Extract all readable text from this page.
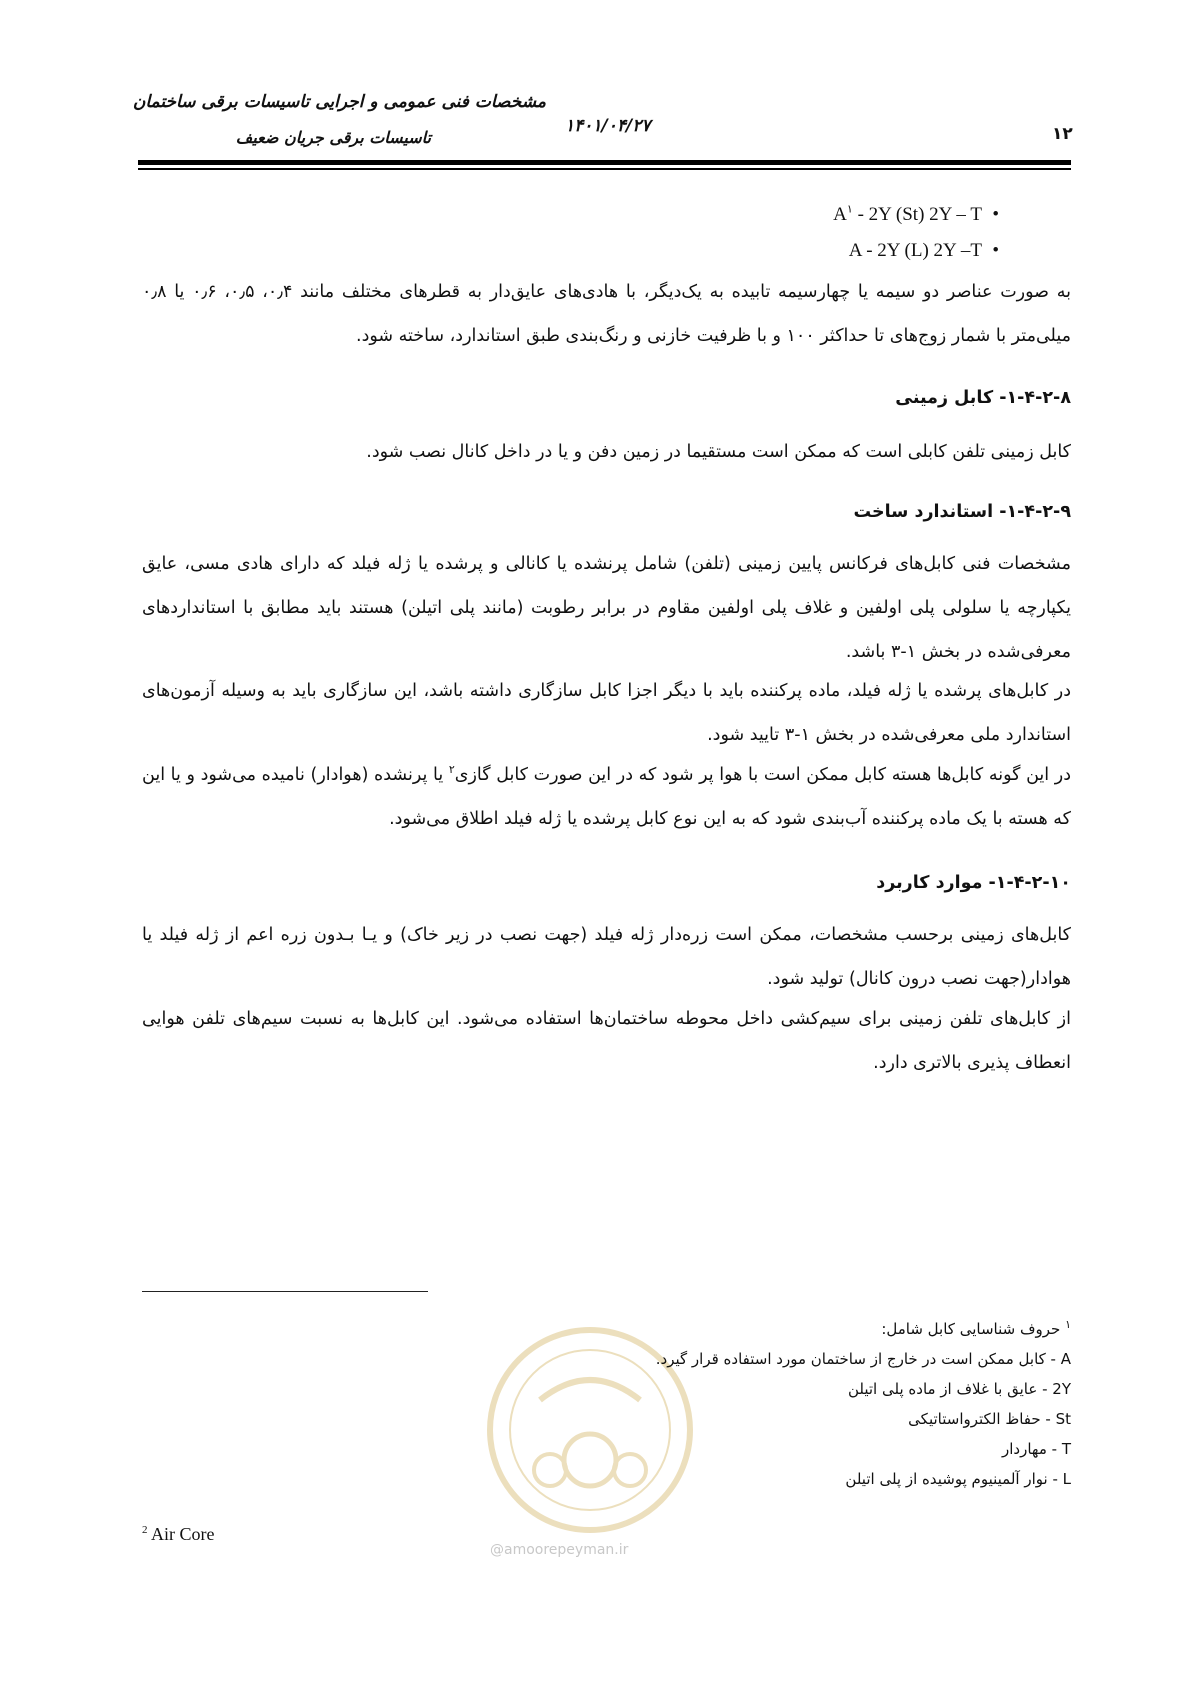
مشخصات فنی عمومی و اجرایی تاسیسات برقی ساختمان
تاسیسات برقی جریان ضعیف
۱۴۰۱/۰۴/۲۷	۱۲
$A^۱ - 2Y$ (St) 2Y – T •
A - 2Y (L) 2Y –T •
به صورت عناصر دو سیمه یا چهارسیمه تابیده به یک‌دیگر، با هادی‌های عایق‌دار به قطرهای مختلف مانند ۰٫۴، ۰٫۵، ۰٫۶ یا ۰٫۸ میلی‌متر با شمار زوج‌های تا حداکثر ۱۰۰ و با ظرفیت خازنی و رنگ‌بندی طبق استاندارد، ساخته شود.
۱-۴-۲-۸- کابل زمینی
کابل زمینی تلفن کابلی است که ممکن است مستقیما در زمین دفن و یا در داخل کانال نصب شود.
۱-۴-۲-۹- استاندارد ساخت
مشخصات فنی کابل‌های فرکانس پایین زمینی (تلفن) شامل پرنشده یا کانالی و پرشده یا ژله فیلد که دارای هادی مسی، عایق یکپارچه یا سلولی پلی اولفین و غلاف پلی اولفین مقاوم در برابر رطوبت (مانند پلی اتیلن) هستند باید مطابق با استانداردهای معرفی‌شده در بخش ۱-۳ باشد.
در کابل‌های پرشده یا ژله فیلد، ماده پرکننده باید با دیگر اجزا کابل سازگاری داشته باشد، این سازگاری باید به وسیله آزمون‌های استاندارد ملی معرفی‌شده در بخش ۱-۳ تایید شود.
در این گونه کابل‌ها هسته کابل ممکن است با هوا پر شود که در این صورت کابل گازی$^۲$ یا پرنشده (هوادار) نامیده می‌شود و یا این که هسته با یک ماده پرکننده آب‌بندی شود که به این نوع کابل پرشده یا ژله فیلد اطلاق می‌شود.
۱-۴-۲-۱۰- موارد کاربرد
کابل‌های زمینی برحسب مشخصات، ممکن است زره‌دار ژله فیلد (جهت نصب در زیر خاک) و یـا بـدون زره اعم از ژله فیلد یا هوادار(جهت نصب درون کانال) تولید شود.
از کابل‌های تلفن زمینی برای سیم‌کشی داخل محوطه ساختمان‌ها استفاده می‌شود. این کابل‌ها به نسبت سیم‌های تلفن هوایی انعطاف پذیری بالاتری دارد.
@amoorepeyman.ir
$^۱$ حروف شناسایی کابل شامل:
A - کابل ممکن است در خارج از ساختمان مورد استفاده قرار گیرد.
2Y - عایق با غلاف از ماده پلی اتیلن
St - حفاظ الکترواستاتیکی
T - مهاردار
L - نوار آلمینیوم پوشیده از پلی اتیلن
$^2$ Air Core
